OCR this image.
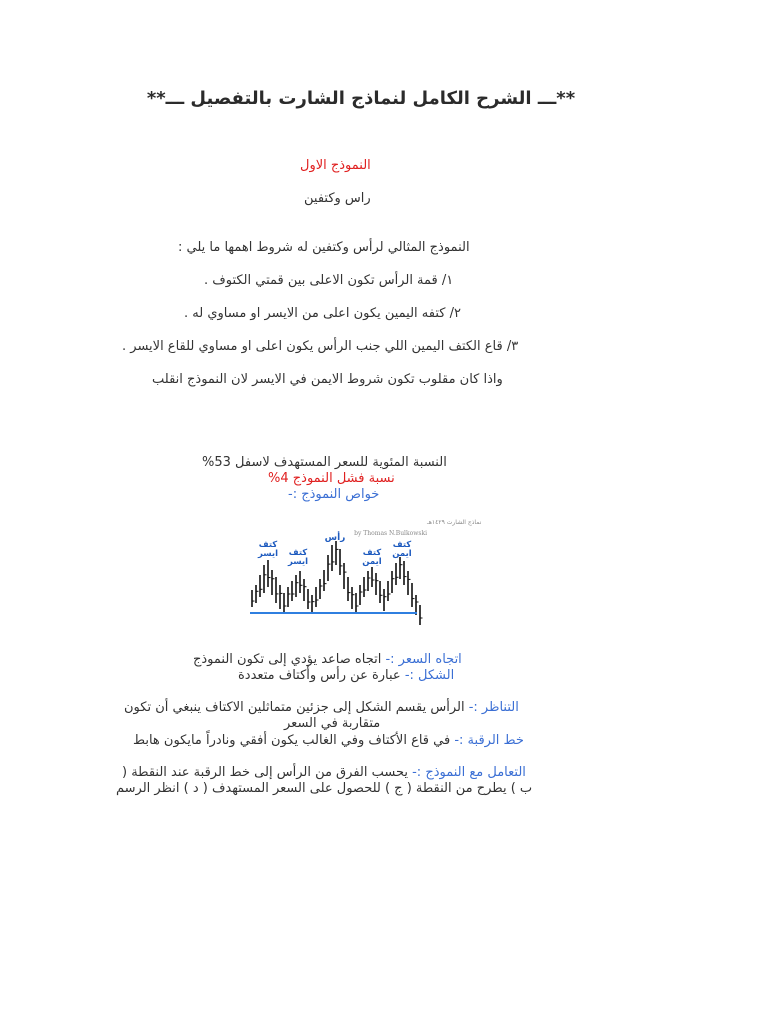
**ـــ الشرح الكامل لنماذج الشارت بالتفصيل ـــ**
النموذج الاول
راس وكتفين
النموذج المثالي لرأس وكتفين له شروط اهمها ما يلي :
١/ قمة الرأس تكون الاعلى بين قمتي الكتوف .
٢/ كتفه اليمين يكون اعلى من الايسر او مساوي له .
٣/ قاع الكتف اليمين اللي جنب الرأس يكون اعلى او مساوي للقاع الايسر .
واذا كان مقلوب تكون شروط الايمن في الايسر لان النموذج انقلب
النسبة المئوية للسعر المستهدف لاسفل 53%
نسبة فشل النموذج 4%
خواص النموذج :-
نماذج الشارت ١٤٢٩هـ
by Thomas N.Bulkowski
كتف ايسر كتف ايسر
رأس
كتف ايمن
كتف ايمن
اتجاه السعر :- اتجاه صاعد يؤدي إلى تكون النموذج
الشكل :- عبارة عن رأس وأكتاف متعددة
التناظر :- الرأس يقسم الشكل إلى جزئين متماثلين الاكتاف ينبغي أن تكون
متقاربة في السعر
خط الرقبة :- في قاع الأكتاف وفي الغالب يكون أفقي ونادراً مايكون هابط
التعامل مع النموذج :- يحسب الفرق من الرأس إلى خط الرقبة عند النقطة (
ب ) يطرح من النقطة ( ج ) للحصول على السعر المستهدف ( د ) انظر الرسم
